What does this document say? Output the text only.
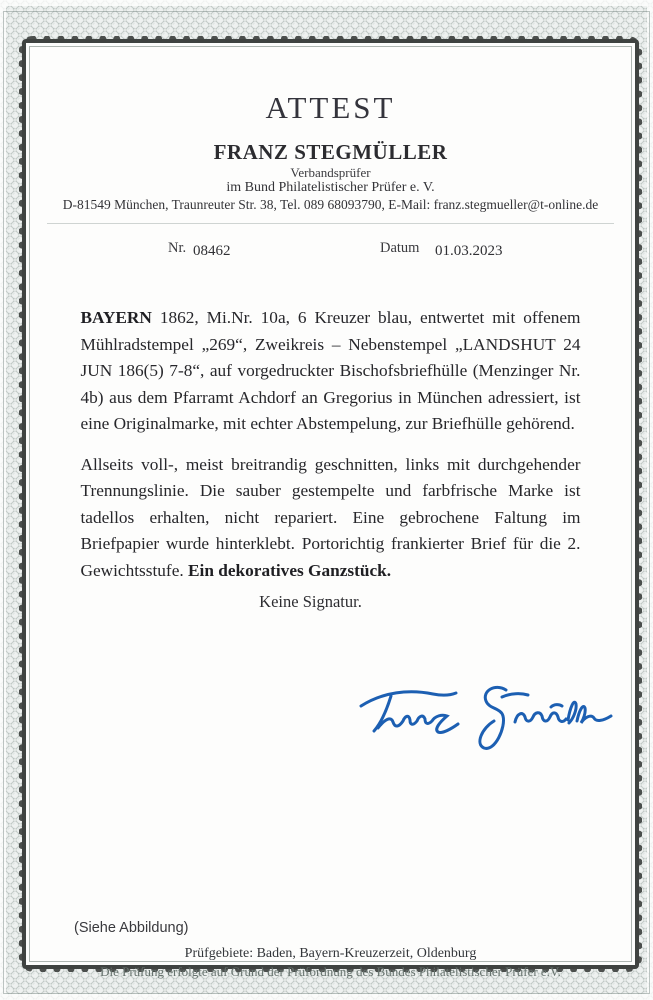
ATTEST
FRANZ STEGMÜLLER
Verbandsprüfer
im Bund Philatelistischer Prüfer e. V.
D-81549 München, Traunreuter Str. 38, Tel. 089 68093790, E-Mail: franz.stegmueller@t-online.de
Nr. 08462	Datum 01.03.2023

BAYERN 1862, Mi.Nr. 10a, 6 Kreuzer blau, entwertet mit offenem Mühlradstempel „269“, Zweikreis – Nebenstempel „LANDSHUT 24 JUN 186(5) 7-8“, auf vorgedruckter Bischofsbriefhülle (Menzinger Nr. 4b) aus dem Pfarramt Achdorf an Gregorius in München adressiert, ist eine Originalmarke, mit echter Abstempelung, zur Briefhülle gehörend.

Allseits voll-, meist breitrandig geschnitten, links mit durchgehender Trennungslinie. Die sauber gestempelte und farbfrische Marke ist tadellos erhalten, nicht repariert. Eine gebrochene Faltung im Briefpapier wurde hinterklebt. Portorichtig frankierter Brief für die 2. Gewichtsstufe. Ein dekoratives Ganzstück.

Keine Signatur.
(Siehe Abbildung)
Prüfgebiete: Baden, Bayern-Kreuzerzeit, Oldenburg
Die Prüfung erfolgte auf Grund der Prüfordnung des Bundes Philatelistischer Prüfer e.V.
